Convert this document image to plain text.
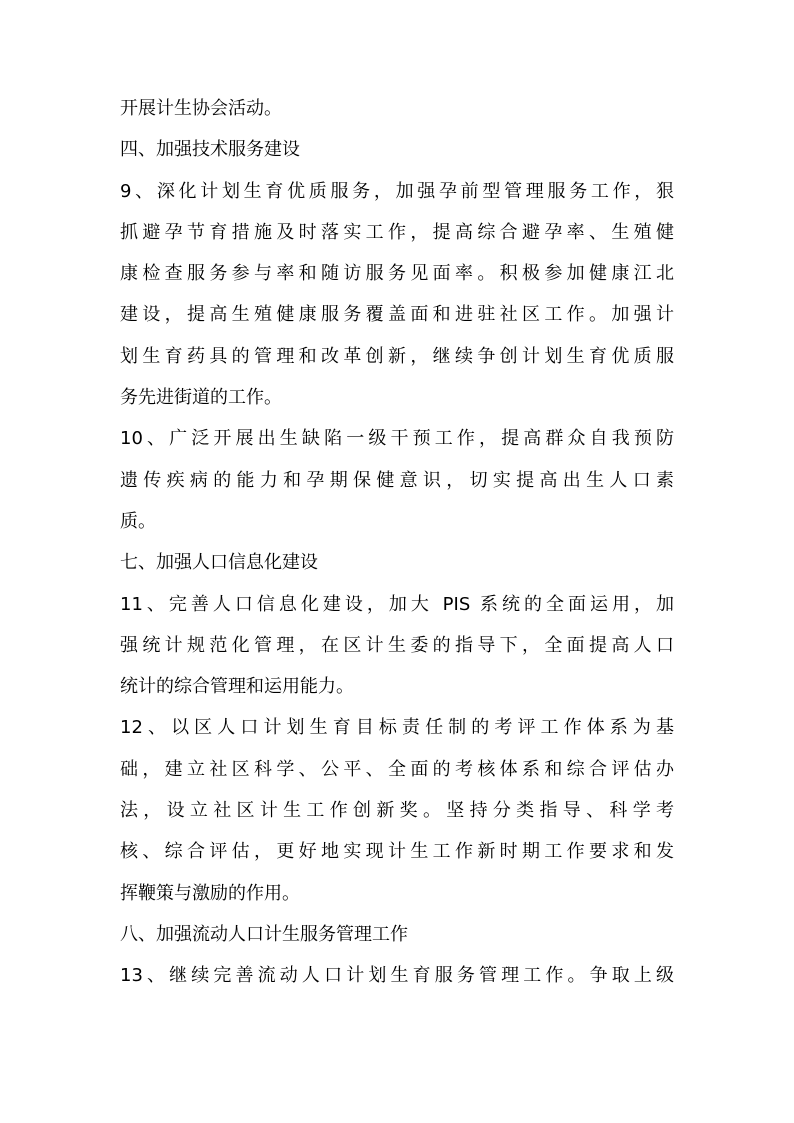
开展计生协会活动。

四、加强技术服务建设

9、深化计划生育优质服务，加强孕前型管理服务工作，狠

抓避孕节育措施及时落实工作，提高综合避孕率、生殖健

康检查服务参与率和随访服务见面率。积极参加健康江北

建设，提高生殖健康服务覆盖面和进驻社区工作。加强计

划生育药具的管理和改革创新，继续争创计划生育优质服

务先进街道的工作。

10、广泛开展出生缺陷一级干预工作，提高群众自我预防

遗传疾病的能力和孕期保健意识，切实提高出生人口素

质。

七、加强人口信息化建设

11、完善人口信息化建设，加大 PIS 系统的全面运用，加

强统计规范化管理，在区计生委的指导下，全面提高人口

统计的综合管理和运用能力。

12、以区人口计划生育目标责任制的考评工作体系为基

础，建立社区科学、公平、全面的考核体系和综合评估办

法，设立社区计生工作创新奖。坚持分类指导、科学考

核、综合评估，更好地实现计生工作新时期工作要求和发

挥鞭策与激励的作用。

八、加强流动人口计生服务管理工作

13、继续完善流动人口计划生育服务管理工作。争取上级
